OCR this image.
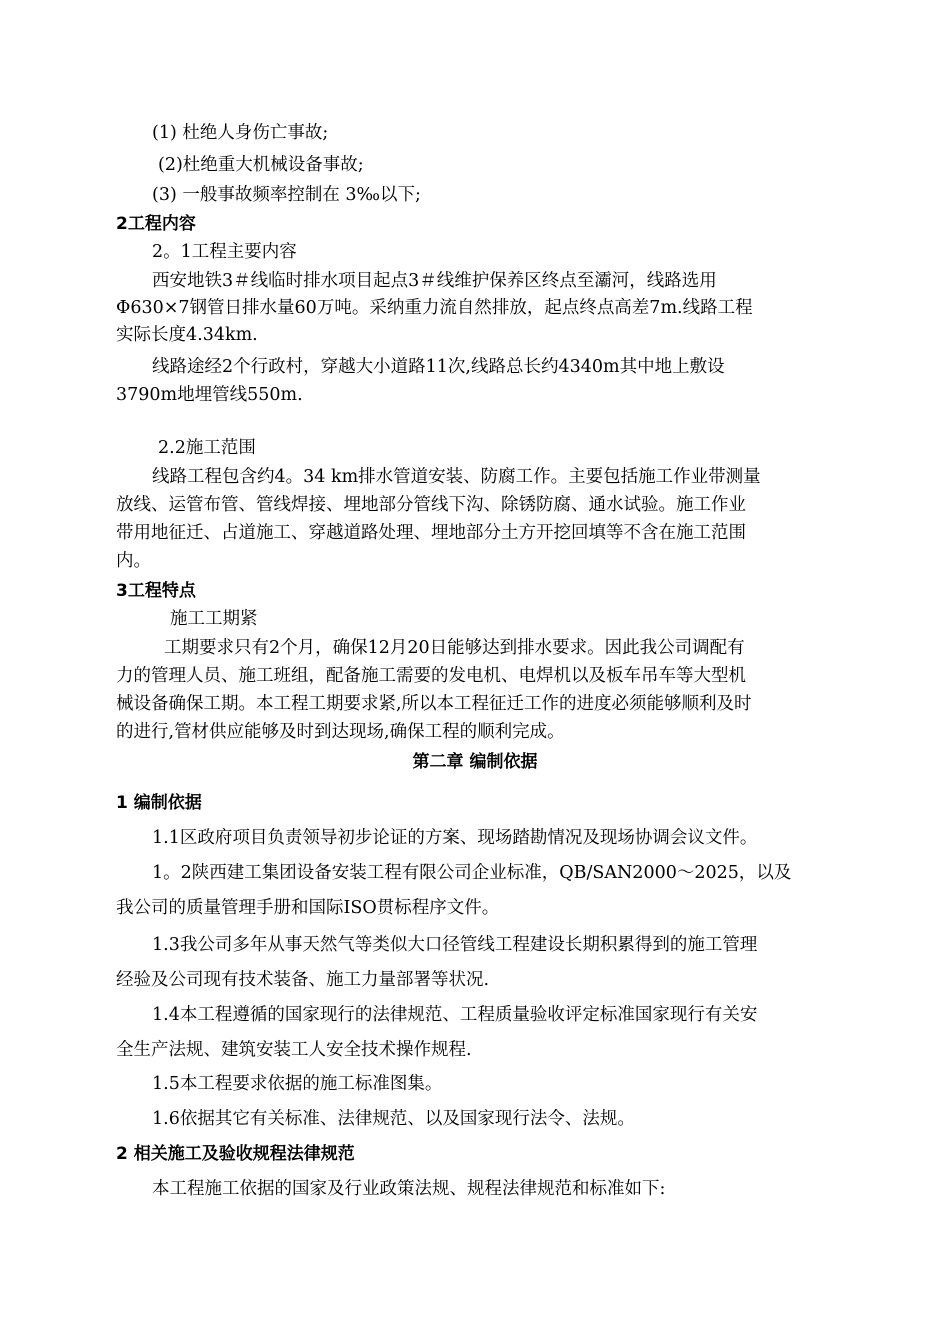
(1) 杜绝人身伤亡事故;
(2)杜绝重大机械设备事故;
(3) 一般事故频率控制在 3‰以下;
2工程内容
2。1工程主要内容
西安地铁3＃线临时排水项目起点3＃线维护保养区终点至灞河，线路选用
Φ630×7钢管日排水量60万吨。采纳重力流自然排放，起点终点高差7m.线路工程
实际长度4.34km.
线路途经2个行政村，穿越大小道路11次,线路总长约4340m其中地上敷设
3790m地埋管线550m.
2.2施工范围
线路工程包含约4。34 km排水管道安装、防腐工作。主要包括施工作业带测量
放线、运管布管、管线焊接、埋地部分管线下沟、除锈防腐、通水试验。施工作业
带用地征迁、占道施工、穿越道路处理、埋地部分土方开挖回填等不含在施工范围
内。
3工程特点
施工工期紧
工期要求只有2个月，确保12月20日能够达到排水要求。因此我公司调配有
力的管理人员、施工班组，配备施工需要的发电机、电焊机以及板车吊车等大型机
械设备确保工期。本工程工期要求紧,所以本工程征迁工作的进度必须能够顺利及时
的进行,管材供应能够及时到达现场,确保工程的顺利完成。
第二章 编制依据
1 编制依据
1.1区政府项目负责领导初步论证的方案、现场踏勘情况及现场协调会议文件。
1。2陕西建工集团设备安装工程有限公司企业标准，QB/SAN2000～2025，以及
我公司的质量管理手册和国际ISO贯标程序文件。
1.3我公司多年从事天然气等类似大口径管线工程建设长期积累得到的施工管理
经验及公司现有技术装备、施工力量部署等状况.
1.4本工程遵循的国家现行的法律规范、工程质量验收评定标准国家现行有关安
全生产法规、建筑安装工人安全技术操作规程.
1.5本工程要求依据的施工标准图集。
1.6依据其它有关标准、法律规范、以及国家现行法令、法规。
2 相关施工及验收规程法律规范
本工程施工依据的国家及行业政策法规、规程法律规范和标准如下:
